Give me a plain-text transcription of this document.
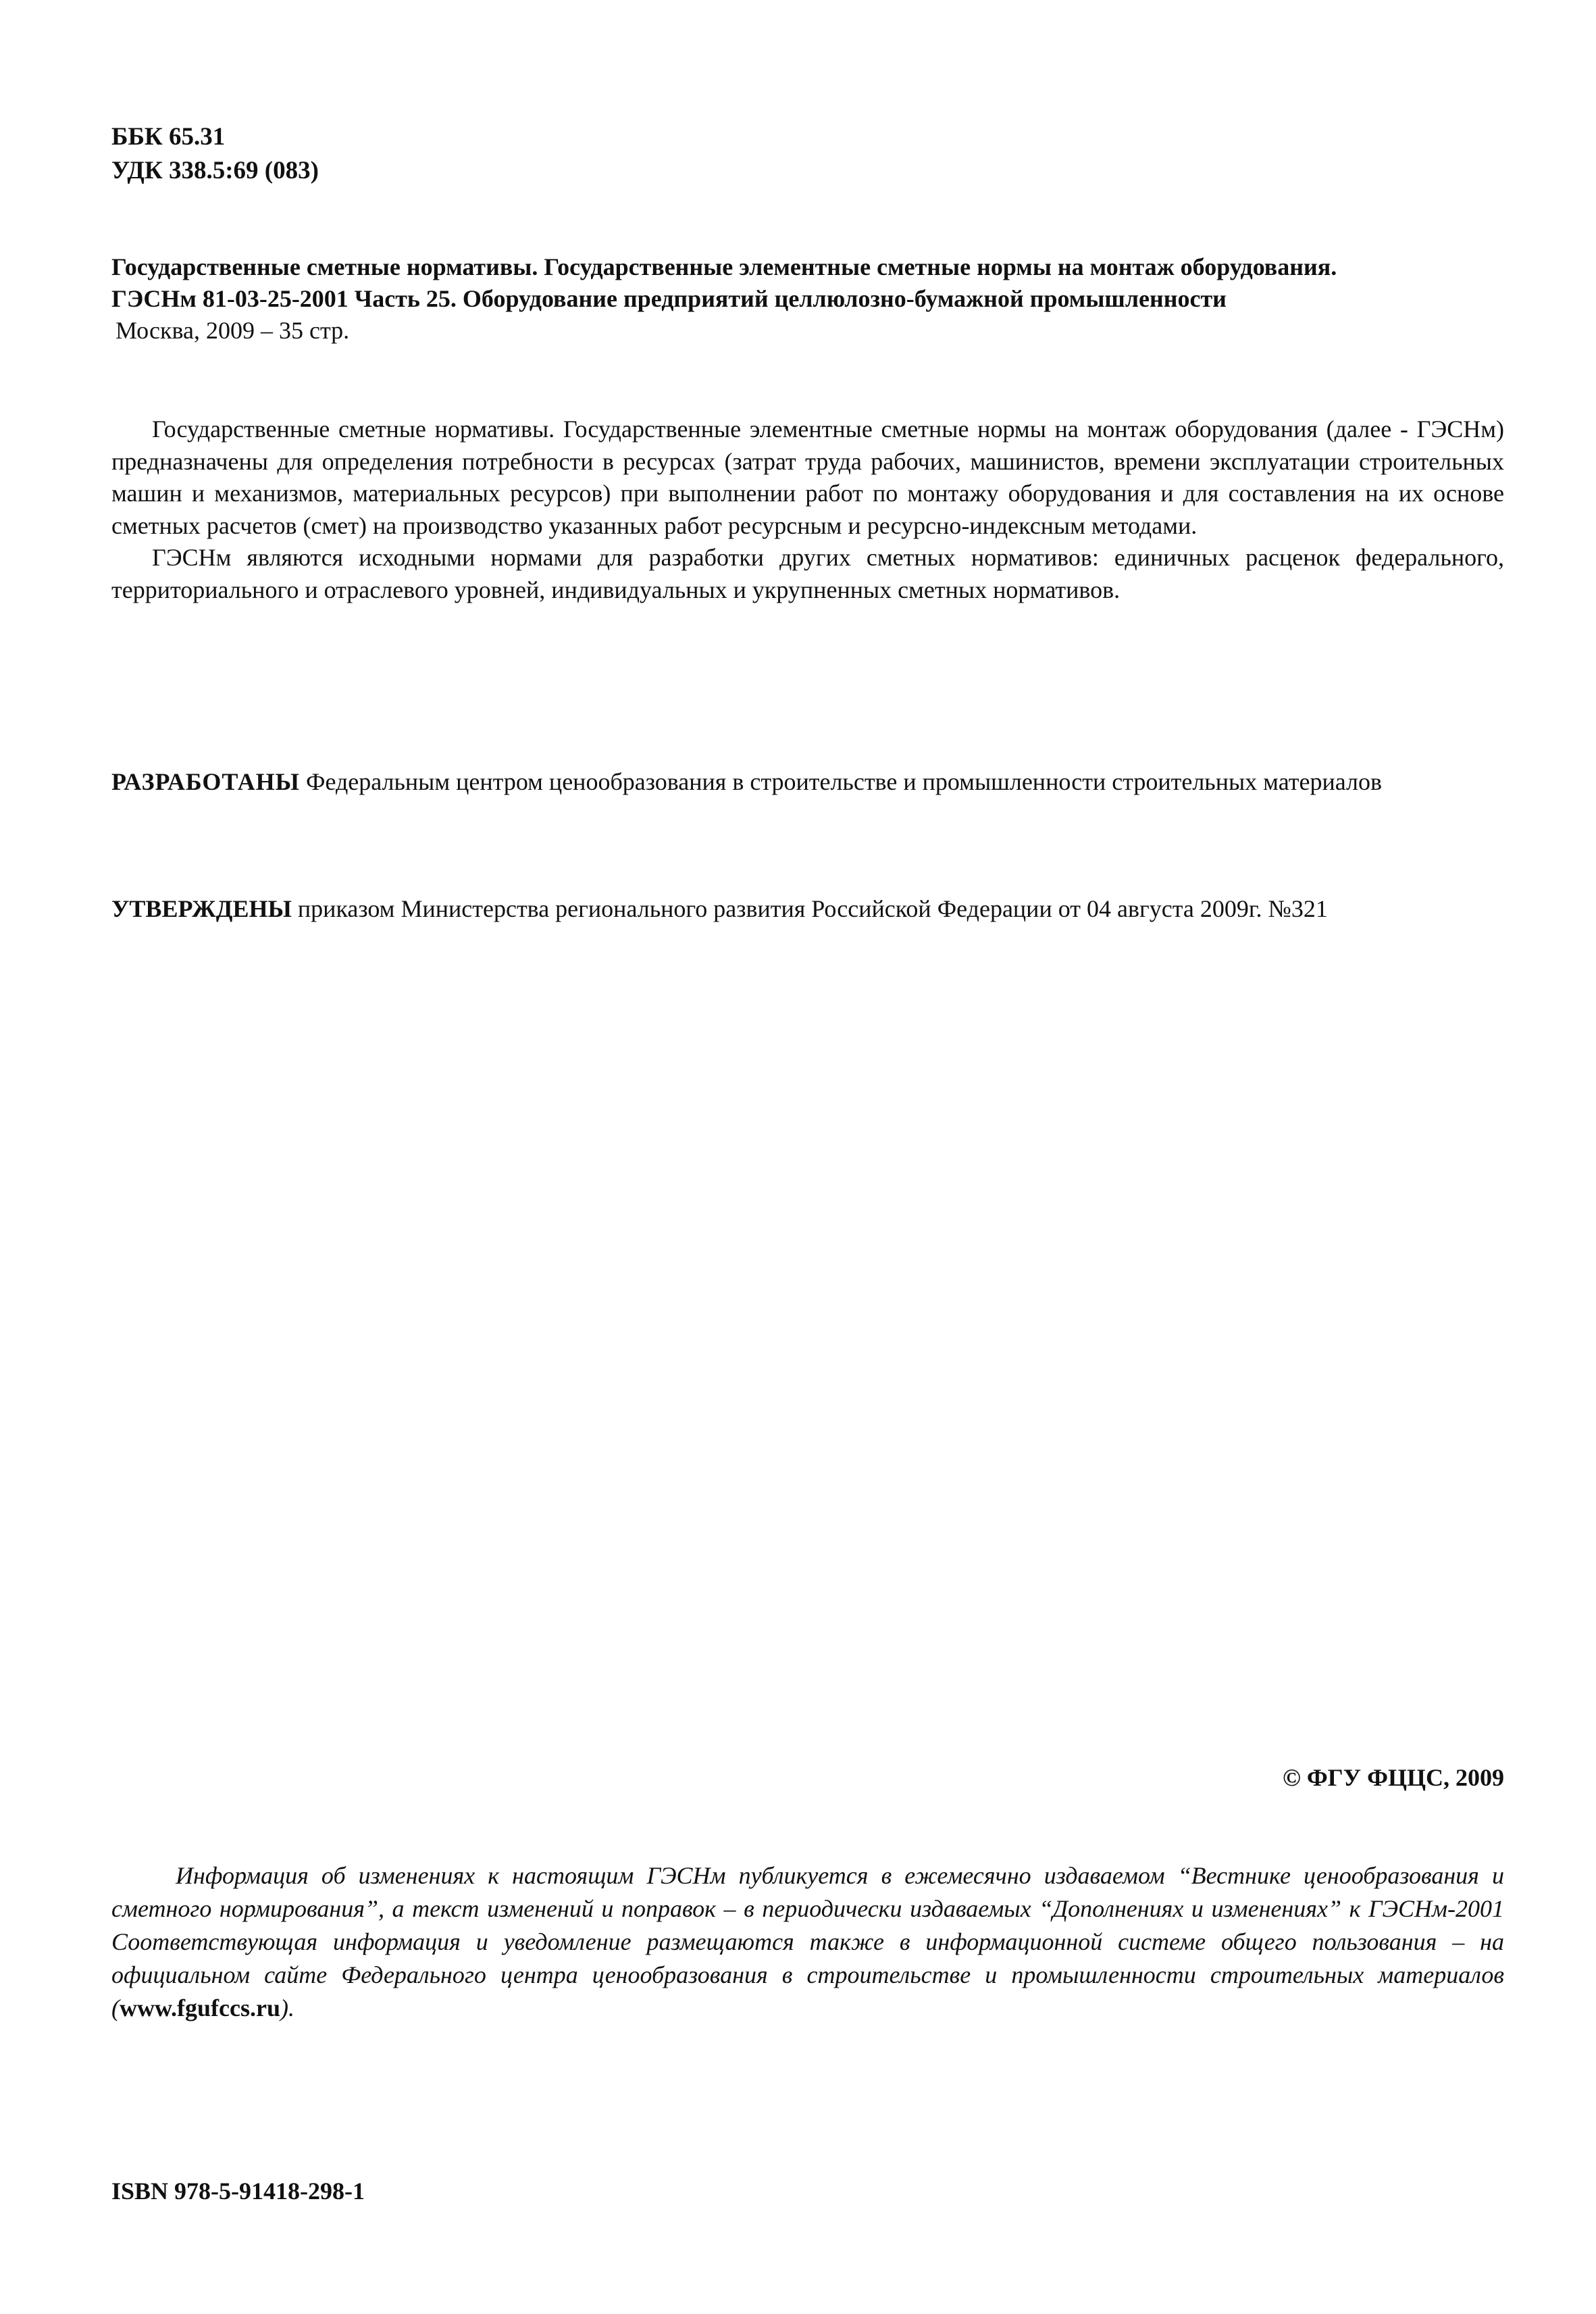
ББК 65.31
УДК 338.5:69 (083)
Государственные сметные нормативы. Государственные элементные сметные нормы на монтаж оборудования.
ГЭСНм 81-03-25-2001 Часть 25. Оборудование предприятий целлюлозно-бумажной промышленности
Москва, 2009 – 35 стр.

Государственные сметные нормативы. Государственные элементные сметные нормы на монтаж оборудования (далее - ГЭСНм) предназначены для определения потребности в ресурсах (затрат труда рабочих, машинистов, времени эксплуатации строительных машин и механизмов, материальных ресурсов) при выполнении работ по монтажу оборудования и для составления на их основе сметных расчетов (смет) на производство указанных работ ресурсным и ресурсно-индексным методами.

ГЭСНм являются исходными нормами для разработки других сметных нормативов: единичных расценок федерального, территориального и отраслевого уровней, индивидуальных и укрупненных сметных нормативов.

РАЗРАБОТАНЫ Федеральным центром ценообразования в строительстве и промышленности строительных материалов
УТВЕРЖДЕНЫ приказом Министерства регионального развития Российской Федерации от 04 августа 2009г. №321
© ФГУ ФЦЦС, 2009
Информация об изменениях к настоящим ГЭСНм публикуется в ежемесячно издаваемом “Вестнике ценообразования и сметного нормирования”, а текст изменений и поправок – в периодически издаваемых “Дополнениях и изменениях” к ГЭСНм-2001 Соответствующая информация и уведомление размещаются также в информационной системе общего пользования – на официальном сайте Федерального центра ценообразования в строительстве и промышленности строительных материалов (www.fgufccs.ru).
ISBN 978-5-91418-298-1
